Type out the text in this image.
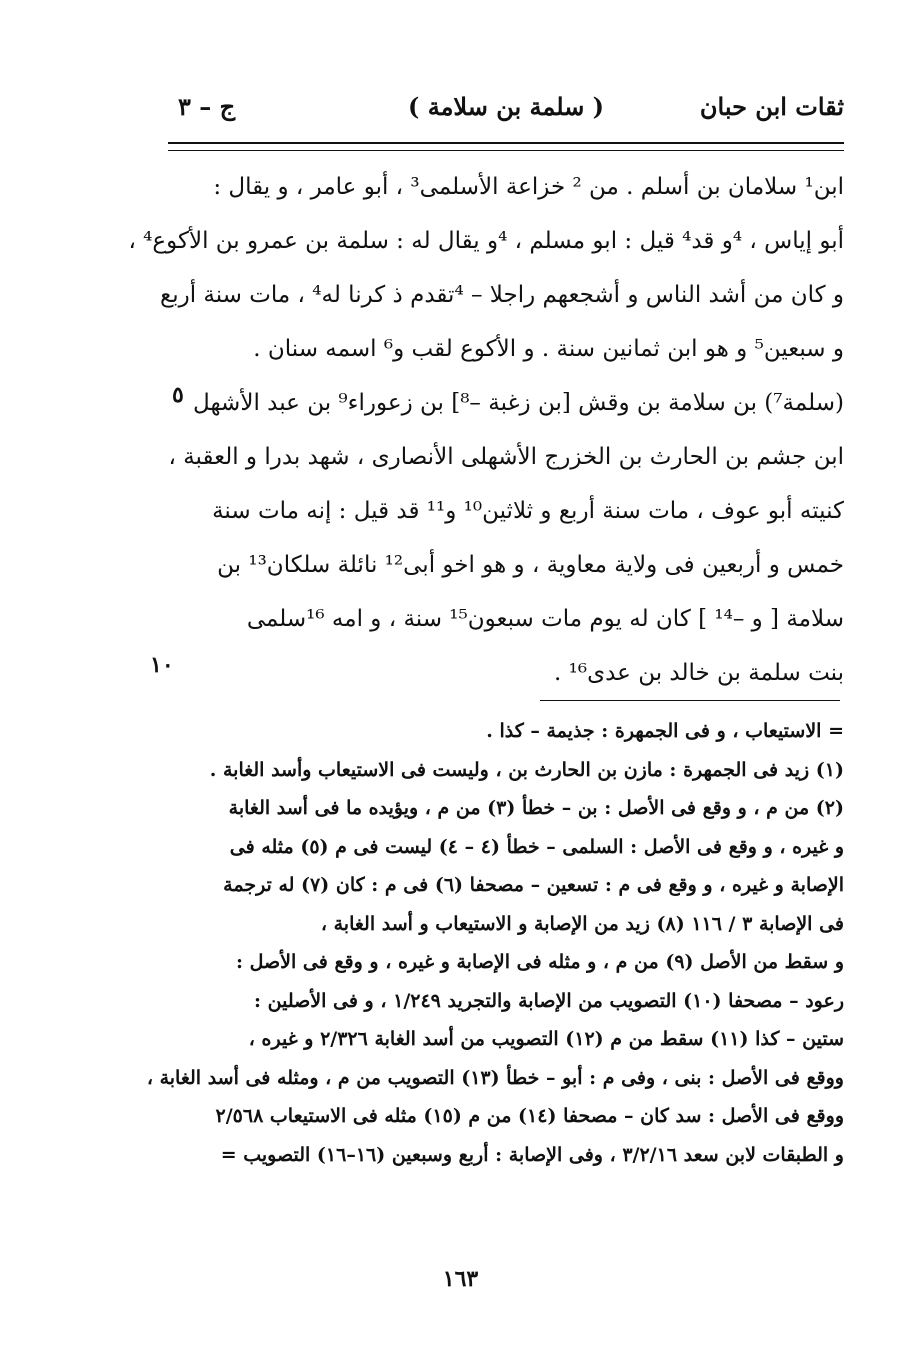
ثقات ابن حبان
( سلمة بن سلامة )
ج – ٣
ابن¹ سلامان بن أسلم . من ² خزاعة الأسلمى³ ، أبو عامر ، و يقال :
أبو إياس ، ⁴و قد⁴ قيل : ابو مسلم ، ⁴و يقال له : سلمة بن عمرو بن الأكوع⁴ ،
و كان من أشد الناس و أشجعهم راجلا – ⁴تقدم ذ كرنا له⁴ ، مات سنة أربع
و سبعين⁵ و هو ابن ثمانين سنة . و الأكوع لقب و⁶ اسمه سنان .
(سلمة⁷) بن سلامة بن وقش [بن زغبة –⁸] بن زعوراء⁹ بن عبد الأشهل
ابن جشم بن الحارث بن الخزرج الأشهلى الأنصارى ، شهد بدرا و العقبة ،
كنيته أبو عوف ، مات سنة أربع و ثلاثين¹⁰ و¹¹ قد قيل : إنه مات سنة
خمس و أربعين فى ولاية معاوية ، و هو اخو أبى¹² نائلة سلكان¹³ بن
سلامة [ و –¹⁴ ] كان له يوم مات سبعون¹⁵ سنة ، و امه ¹⁶سلمى
بنت سلمة بن خالد بن عدى¹⁶ .
٥
١٠
= الاستيعاب ، و فى الجمهرة : جذيمة – كذا .
(١) زيد فى الجمهرة : مازن بن الحارث بن ، وليست فى الاستيعاب وأسد الغابة .
(٢) من م ، و وقع فى الأصل : بن – خطأ (٣) من م ، ويؤيده ما فى أسد الغابة
و غيره ، و وقع فى الأصل : السلمى – خطأ (٤ – ٤) ليست فى م (٥) مثله فى
الإصابة و غيره ، و وقع فى م : تسعين – مصحفا (٦) فى م : كان (٧) له ترجمة
فى الإصابة ٣ / ١١٦ (٨) زيد من الإصابة و الاستيعاب و أسد الغابة ،
و سقط من الأصل (٩) من م ، و مثله فى الإصابة و غيره ، و وقع فى الأصل :
رعود – مصحفا (١٠) التصويب من الإصابة والتجريد ١/٢٤٩ ، و فى الأصلين :
ستين – كذا (١١) سقط من م (١٢) التصويب من أسد الغابة ٢/٣٢٦ و غيره ،
ووقع فى الأصل : بنى ، وفى م : أبو – خطأ (١٣) التصويب من م ، ومثله فى أسد الغابة ،
ووقع فى الأصل : سد كان – مصحفا (١٤) من م (١٥) مثله فى الاستيعاب ٢/٥٦٨
و الطبقات لابن سعد ٣/٢/١٦ ، وفى الإصابة : أربع وسبعين (١٦–١٦) التصويب =
١٦٣
